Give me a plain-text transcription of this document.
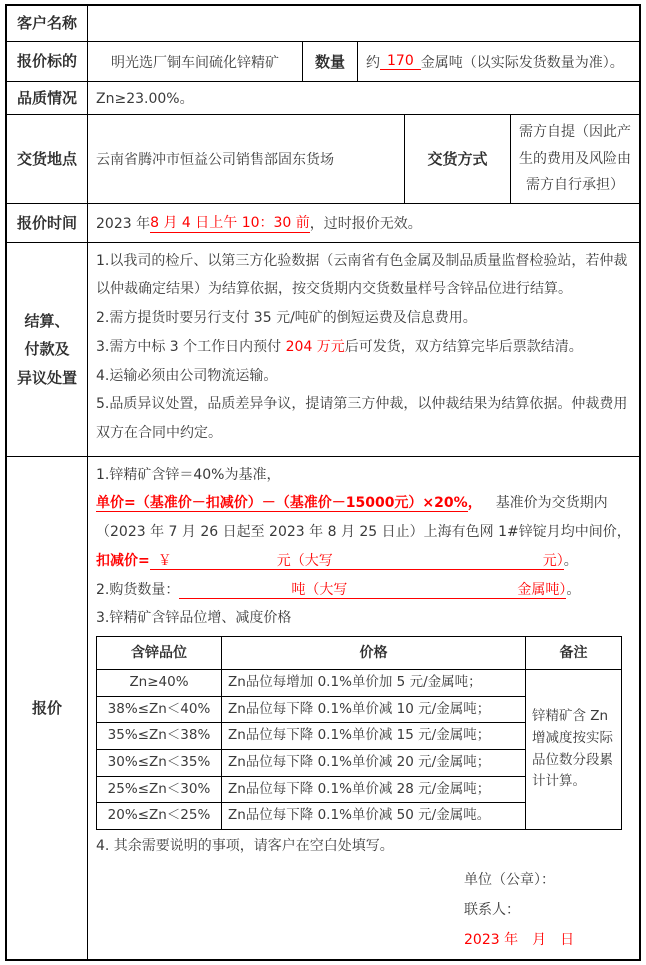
客户名称
报价标的	明光选厂铜车间硫化锌精矿	数量	约 170 金属吨（以实际发货数量为准）。
品质情况	Zn≥23.00%。
交货地点	云南省腾冲市恒益公司销售部固东货场	交货方式
需方自提（因此产生的费用及风险由需方自行承担）
报价时间	2023 年 8 月 4 日上午 10：30 前 ，过时报价无效。
结算、
付款及
异议处置

1.以我司的检斤、以第三方化验数据（云南省有色金属及制品质量监督检验站，若仲裁以仲裁确定结果）为结算依据，按交货期内交货数量样号含锌品位进行结算。

2.需方提货时要另行支付 35 元/吨矿的倒短运费及信息费用。

3.需方中标 3 个工作日内预付 204 万元后可发货，双方结算完毕后票款结清。

4.运输必须由公司物流运输。

5.品质异议处置，品质差异争议，提请第三方仲裁，以仲裁结果为结算依据。仲裁费用双方在合同中约定。

报价

1.锌精矿含锌＝40%为基准，

单价=（基准价－扣减价）－（基准价－15000元）×20%， 基准价为交货期内（2023 年 7 月 26 日起至 2023 年 8 月 25 日止）上海有色网 1#锌锭月均中间价，

扣减价= ￥	元（大写	元）。

2.购货数量：	吨（大写	金属吨）。

3.锌精矿含锌品位增、减度价格

含锌品位	价格	备注
Zn≥40%	Zn品位每增加 0.1%单价加 5 元/金属吨；	锌精矿含 Zn 增减度按实际品位数分段累计计算。
38%≤Zn＜40%	Zn品位每下降 0.1%单价减 10 元/金属吨；	
35%≤Zn＜38%	Zn品位每下降 0.1%单价减 15 元/金属吨；	
30%≤Zn＜35%	Zn品位每下降 0.1%单价减 20 元/金属吨；	
25%≤Zn＜30%	Zn品位每下降 0.1%单价减 28 元/金属吨；	
20%≤Zn＜25%	Zn品位每下降 0.1%单价减 50 元/金属吨。	

4. 其余需要说明的事项，请客户在空白处填写。

单位（公章）：
联系人：
2023 年　月　日
